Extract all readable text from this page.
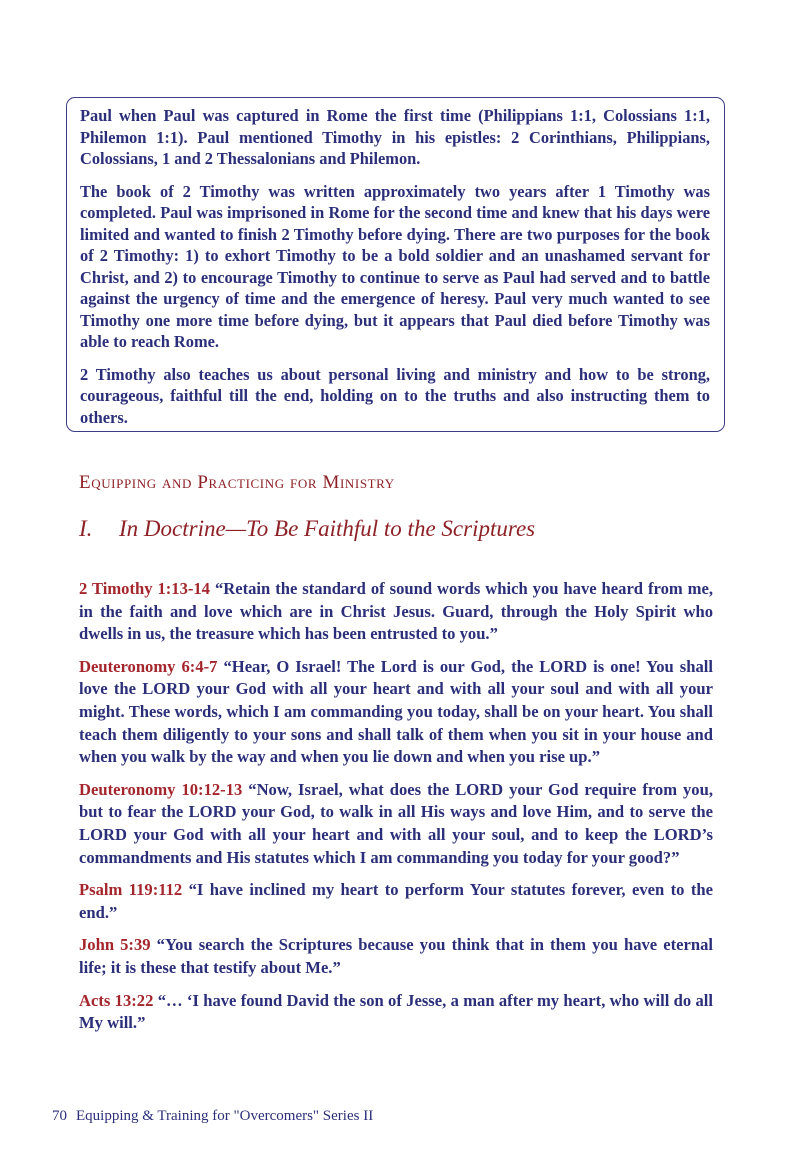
Paul when Paul was captured in Rome the first time (Philippians 1:1, Colossians 1:1, Philemon 1:1). Paul mentioned Timothy in his epistles: 2 Corinthians, Philippians, Colossians, 1 and 2 Thessalonians and Philemon.

The book of 2 Timothy was written approximately two years after 1 Timothy was completed. Paul was imprisoned in Rome for the second time and knew that his days were limited and wanted to finish 2 Timothy before dying. There are two purposes for the book of 2 Timothy: 1) to exhort Timothy to be a bold soldier and an unashamed servant for Christ, and 2) to encourage Timothy to continue to serve as Paul had served and to battle against the urgency of time and the emergence of heresy. Paul very much wanted to see Timothy one more time before dying, but it appears that Paul died before Timothy was able to reach Rome.

2 Timothy also teaches us about personal living and ministry and how to be strong, courageous, faithful till the end, holding on to the truths and also instructing them to others.

Equipping and Practicing for Ministry
I. In Doctrine—To Be Faithful to the Scriptures

2 Timothy 1:13-14 “Retain the standard of sound words which you have heard from me, in the faith and love which are in Christ Jesus. Guard, through the Holy Spirit who dwells in us, the treasure which has been entrusted to you.”

Deuteronomy 6:4-7 “Hear, O Israel! The Lord is our God, the LORD is one! You shall love the LORD your God with all your heart and with all your soul and with all your might. These words, which I am commanding you today, shall be on your heart. You shall teach them diligently to your sons and shall talk of them when you sit in your house and when you walk by the way and when you lie down and when you rise up.”

Deuteronomy 10:12-13 “Now, Israel, what does the LORD your God require from you, but to fear the LORD your God, to walk in all His ways and love Him, and to serve the LORD your God with all your heart and with all your soul, and to keep the LORD’s commandments and His statutes which I am commanding you today for your good?”

Psalm 119:112 “I have inclined my heart to perform Your statutes forever, even to the end.”

John 5:39 “You search the Scriptures because you think that in them you have eternal life; it is these that testify about Me.”

Acts 13:22 “… ‘I have found David the son of Jesse, a man after my heart, who will do all My will.”

70 Equipping & Training for "Overcomers" Series II
